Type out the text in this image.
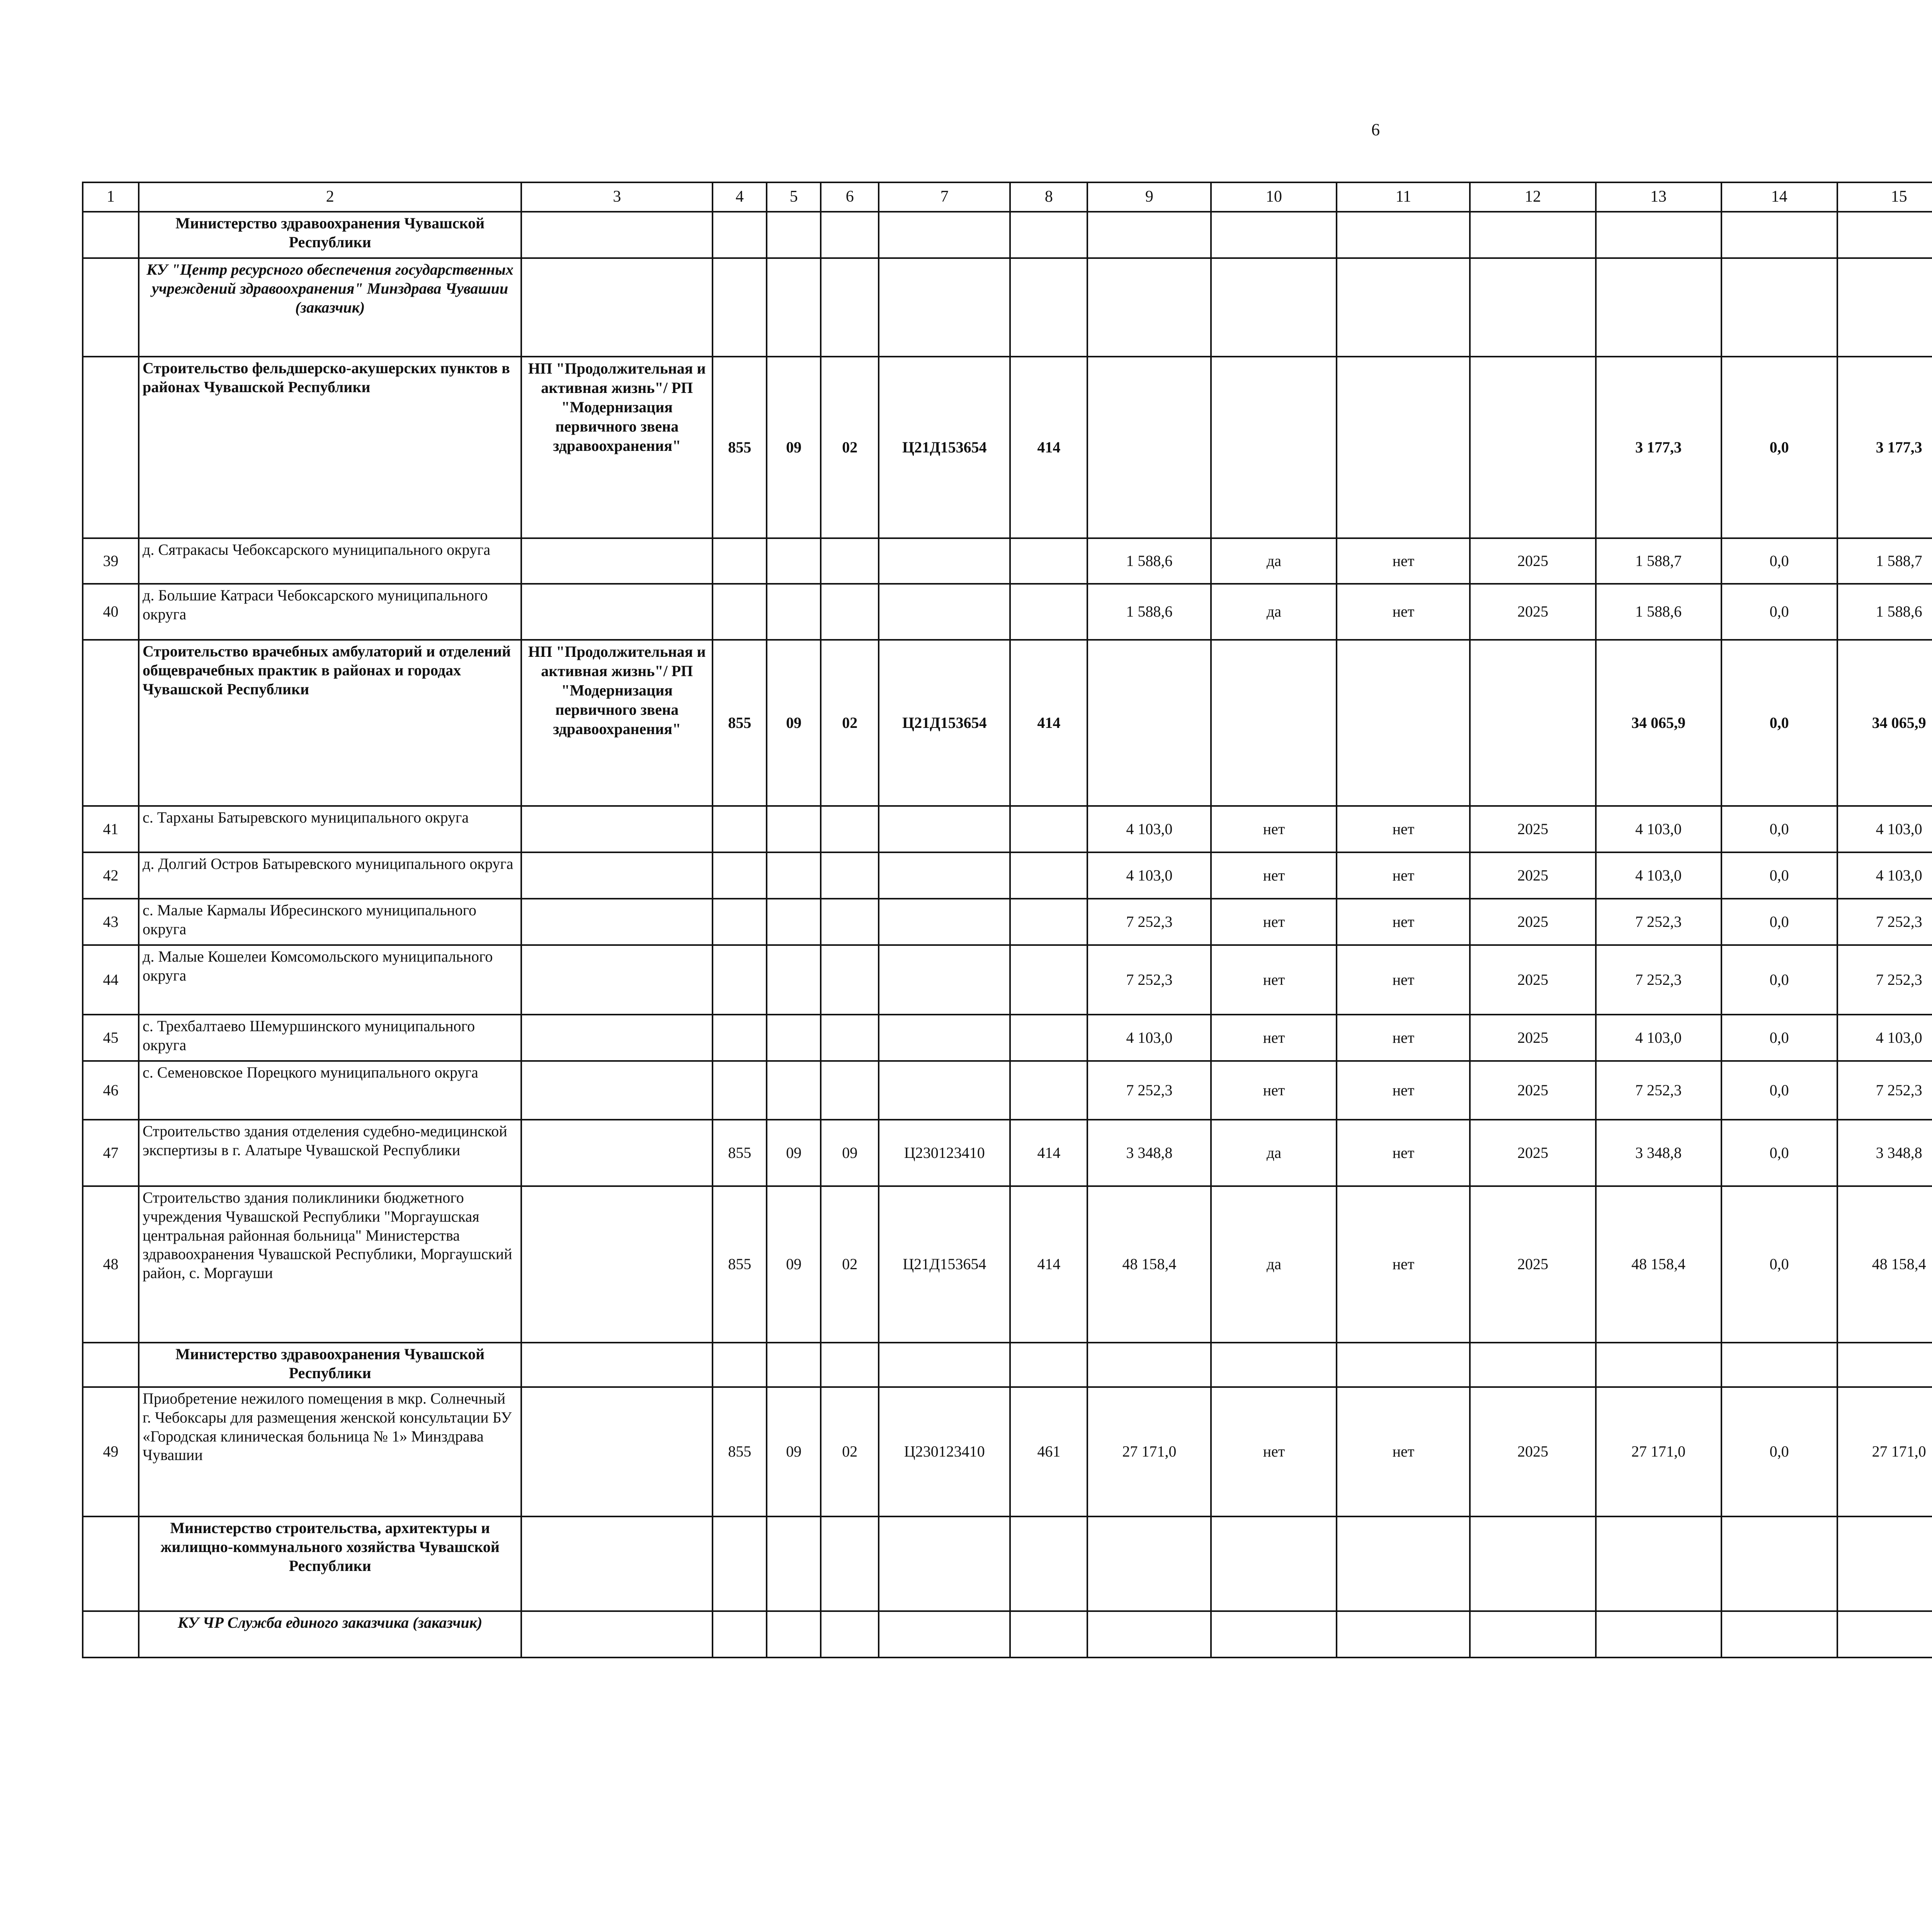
6
1	2	3	4	5	6	7	8	9	10	11	12	13	14	15						
	Министерство здравоохранения Чувашской Республики																			
	КУ "Центр ресурсного обеспечения государственных учреждений здравоохранения" Минздрава Чувашии (заказчик)																			
	Строительство фельдшерско-акушерских пунктов в районах Чувашской Республики	НП "Продолжительная и активная жизнь"/ РП "Модернизация первичного звена здравоохранения"	855	09	02	Ц21Д153654	414					3 177,3	0,0	3 177,3						
39	д. Сятракасы Чебоксарского муниципального округа							1 588,6	да	нет	2025	1 588,7	0,0	1 588,7						
40	д. Большие Катраси Чебоксарского муниципального округа							1 588,6	да	нет	2025	1 588,6	0,0	1 588,6						
	Строительство врачебных амбулаторий и отделений общеврачебных практик в районах и городах Чувашской Республики	НП "Продолжительная и активная жизнь"/ РП "Модернизация первичного звена здравоохранения"	855	09	02	Ц21Д153654	414					34 065,9	0,0	34 065,9						
41	с. Тарханы Батыревского муниципального округа							4 103,0	нет	нет	2025	4 103,0	0,0	4 103,0						
42	д. Долгий Остров Батыревского муниципального округа							4 103,0	нет	нет	2025	4 103,0	0,0	4 103,0						
43	с. Малые Кармалы Ибресинского муниципального округа							7 252,3	нет	нет	2025	7 252,3	0,0	7 252,3						
44	д. Малые Кошелеи Комсомольского муниципального округа							7 252,3	нет	нет	2025	7 252,3	0,0	7 252,3						
45	с. Трехбалтаево Шемуршинского муниципального округа							4 103,0	нет	нет	2025	4 103,0	0,0	4 103,0						
46	с. Семеновское Порецкого муниципального округа							7 252,3	нет	нет	2025	7 252,3	0,0	7 252,3						
47	Строительство здания отделения судебно-медицинской экспертизы в г. Алатыре Чувашской Республики		855	09	09	Ц230123410	414	3 348,8	да	нет	2025	3 348,8	0,0	3 348,8						
48	Строительство здания поликлиники бюджетного учреждения Чувашской Республики "Моргаушская центральная районная больница" Министерства здравоохранения Чувашской Республики, Моргаушский район, с. Моргауши		855	09	02	Ц21Д153654	414	48 158,4	да	нет	2025	48 158,4	0,0	48 158,4						
	Министерство здравоохранения Чувашской Республики																			
49	Приобретение нежилого помещения в мкр. Солнечный г. Чебоксары для размещения женской консультации БУ «Городская клиническая больница № 1» Минздрава Чувашии		855	09	02	Ц230123410	461	27 171,0	нет	нет	2025	27 171,0	0,0	27 171,0						
	Министерство строительства, архитектуры и жилищно-коммунального хозяйства Чувашской Республики																			
	КУ ЧР Служба единого заказчика (заказчик)																			
